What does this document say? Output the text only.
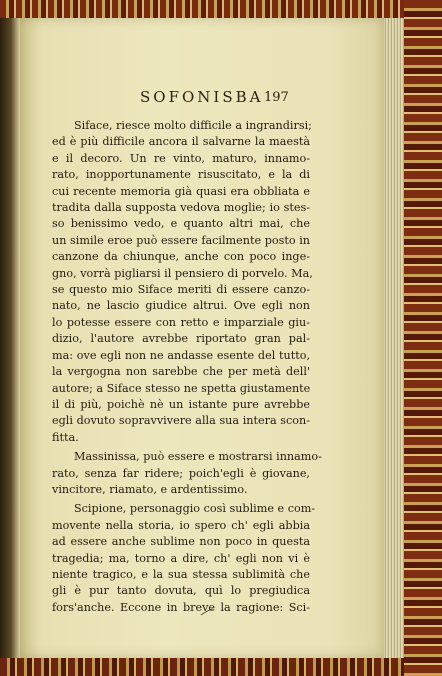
SOFONISBA 197
Siface, riesce molto difficile a ingrandirsi;
ed è più difficile ancora il salvarne la maestà
e il decoro. Un re vinto, maturo, innamo-
rato, inopportunamente risuscitato, e la di
cui recente memoria già quasi era obbliata e
tradita dalla supposta vedova moglie; io stes-
so benissimo vedo, e quanto altri mai, che
un simile eroe può essere facilmente posto in
canzone da chiunque, anche con poco inge-
gno, vorrà pigliarsi il pensiero di porvelo. Ma,
se questo mio Siface meriti di essere canzo-
nato, ne lascio giudice altrui. Ove egli non
lo potesse essere con retto e imparziale giu-
dizio, l'autore avrebbe riportato gran pal-
ma: ove egli non ne andasse esente del tutto,
la vergogna non sarebbe che per metà dell'
autore; a Siface stesso ne spetta giustamente
il di più, poichè nè un istante pure avrebbe
egli dovuto sopravvivere alla sua intera scon-
fitta.
Massinissa, può essere e mostrarsi innamo-
rato, senza far ridere; poich'egli è giovane,
vincitore, riamato, e ardentissimo.
Scipione, personaggio così sublime e com-
movente nella storia, io spero ch' egli abbia
ad essere anche sublime non poco in questa
tragedia; ma, torno a dire, ch' egli non vi è
niente tragico, e la sua stessa sublimità che
gli è pur tanto dovuta, quì lo pregiudica
fors'anche. Eccone in breve la ragione: Sci-
